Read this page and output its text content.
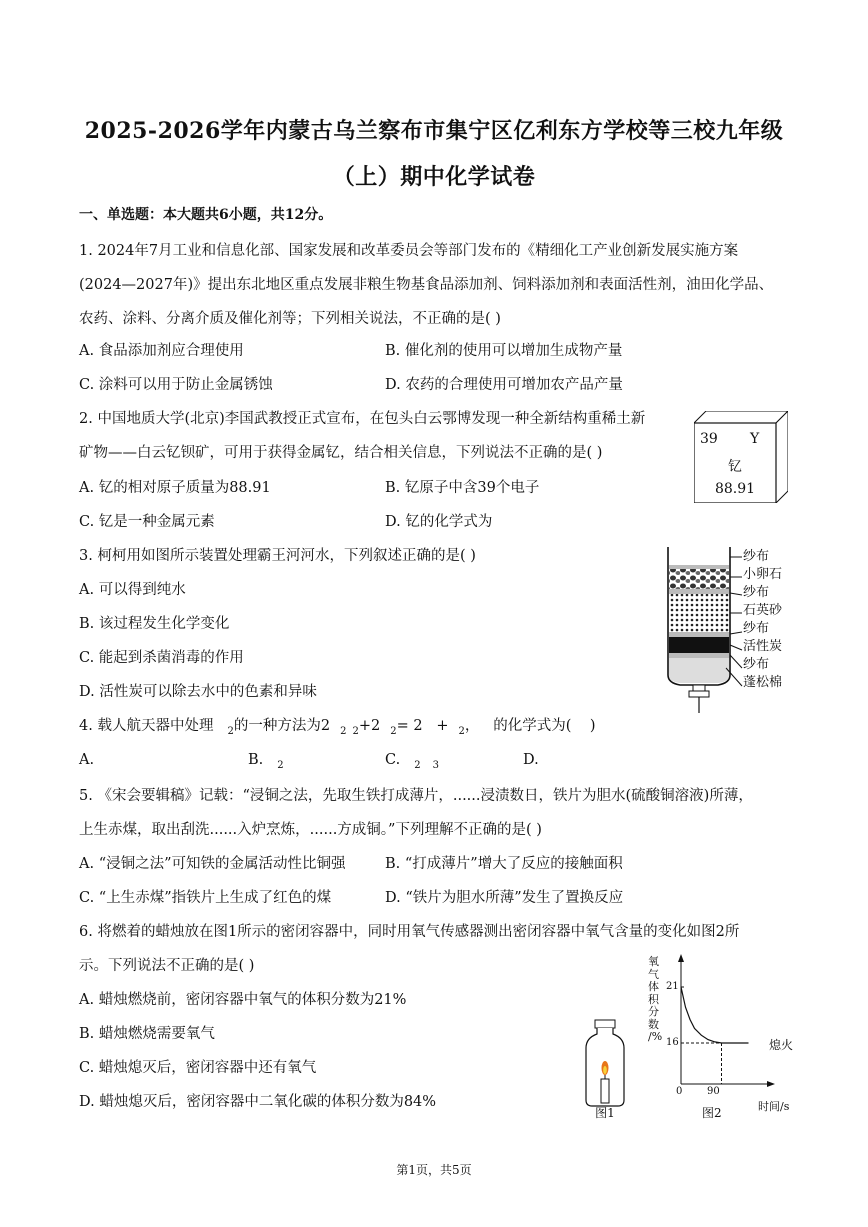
2025-2026学年内蒙古乌兰察布市集宁区亿利东方学校等三校九年级
（上）期中化学试卷
一、单选题：本大题共6小题，共12分。
1. 2024年7月工业和信息化部、国家发展和改革委员会等部门发布的《精细化工产业创新发展实施方案
(2024—2027年)》提出东北地区重点发展非粮生物基食品添加剂、饲料添加剂和表面活性剂，油田化学品、
农药、涂料、分离介质及催化剂等；下列相关说法，不正确的是( )
A. 食品添加剂应合理使用	B. 催化剂的使用可以增加生成物产量
C. 涂料可以用于防止金属锈蚀	D. 农药的合理使用可增加农产品产量
2. 中国地质大学(北京)李国武教授正式宣布，在包头白云鄂博发现一种全新结构重稀土新
矿物——白云钇钡矿，可用于获得金属钇，结合相关信息，下列说法不正确的是( )
A. 钇的相对原子质量为88.91	B. 钇原子中含39个电子
C. 钇是一种金属元素	D. 钇的化学式为
39 Y
钇
88.91
3. 柯柯用如图所示装置处理霸王河河水，下列叙述正确的是( )
A. 可以得到纯水
B. 该过程发生化学变化
C. 能起到杀菌消毒的作用
D. 活性炭可以除去水中的色素和异味
纱布
小卵石
纱布
石英砂
纱布
活性炭
纱布
蓬松棉
4. 载人航天器中处理 $_2$的一种方法为2 $_2$ $_2$+2 $_2$= 2   + $_2$，   的化学式为(    )
A.	B. $_2$	C. $_2$ $_3$	D.
5. 《宋会要辑稿》记载：“浸铜之法，先取生铁打成薄片，......浸渍数日，铁片为胆水(硫酸铜溶液)所薄，
上生赤煤，取出刮洗......入炉烹炼，......方成铜。”下列理解不正确的是( )
A. “浸铜之法”可知铁的金属活动性比铜强	B. “打成薄片”增大了反应的接触面积
C. “上生赤煤”指铁片上生成了红色的煤	D. “铁片为胆水所薄”发生了置换反应
6. 将燃着的蜡烛放在图1所示的密闭容器中，同时用氧气传感器测出密闭容器中氧气含量的变化如图2所
示。下列说法不正确的是( )
A. 蜡烛燃烧前，密闭容器中氧气的体积分数为21%
B. 蜡烛燃烧需要氧气
C. 蜡烛熄灭后，密闭容器中还有氧气
D. 蜡烛熄灭后，密闭容器中二氧化碳的体积分数为84%
图1
氧
气
体
积
分
数
/%
21
16
0 90
熄火
时间/s
图2
第1页，共5页
